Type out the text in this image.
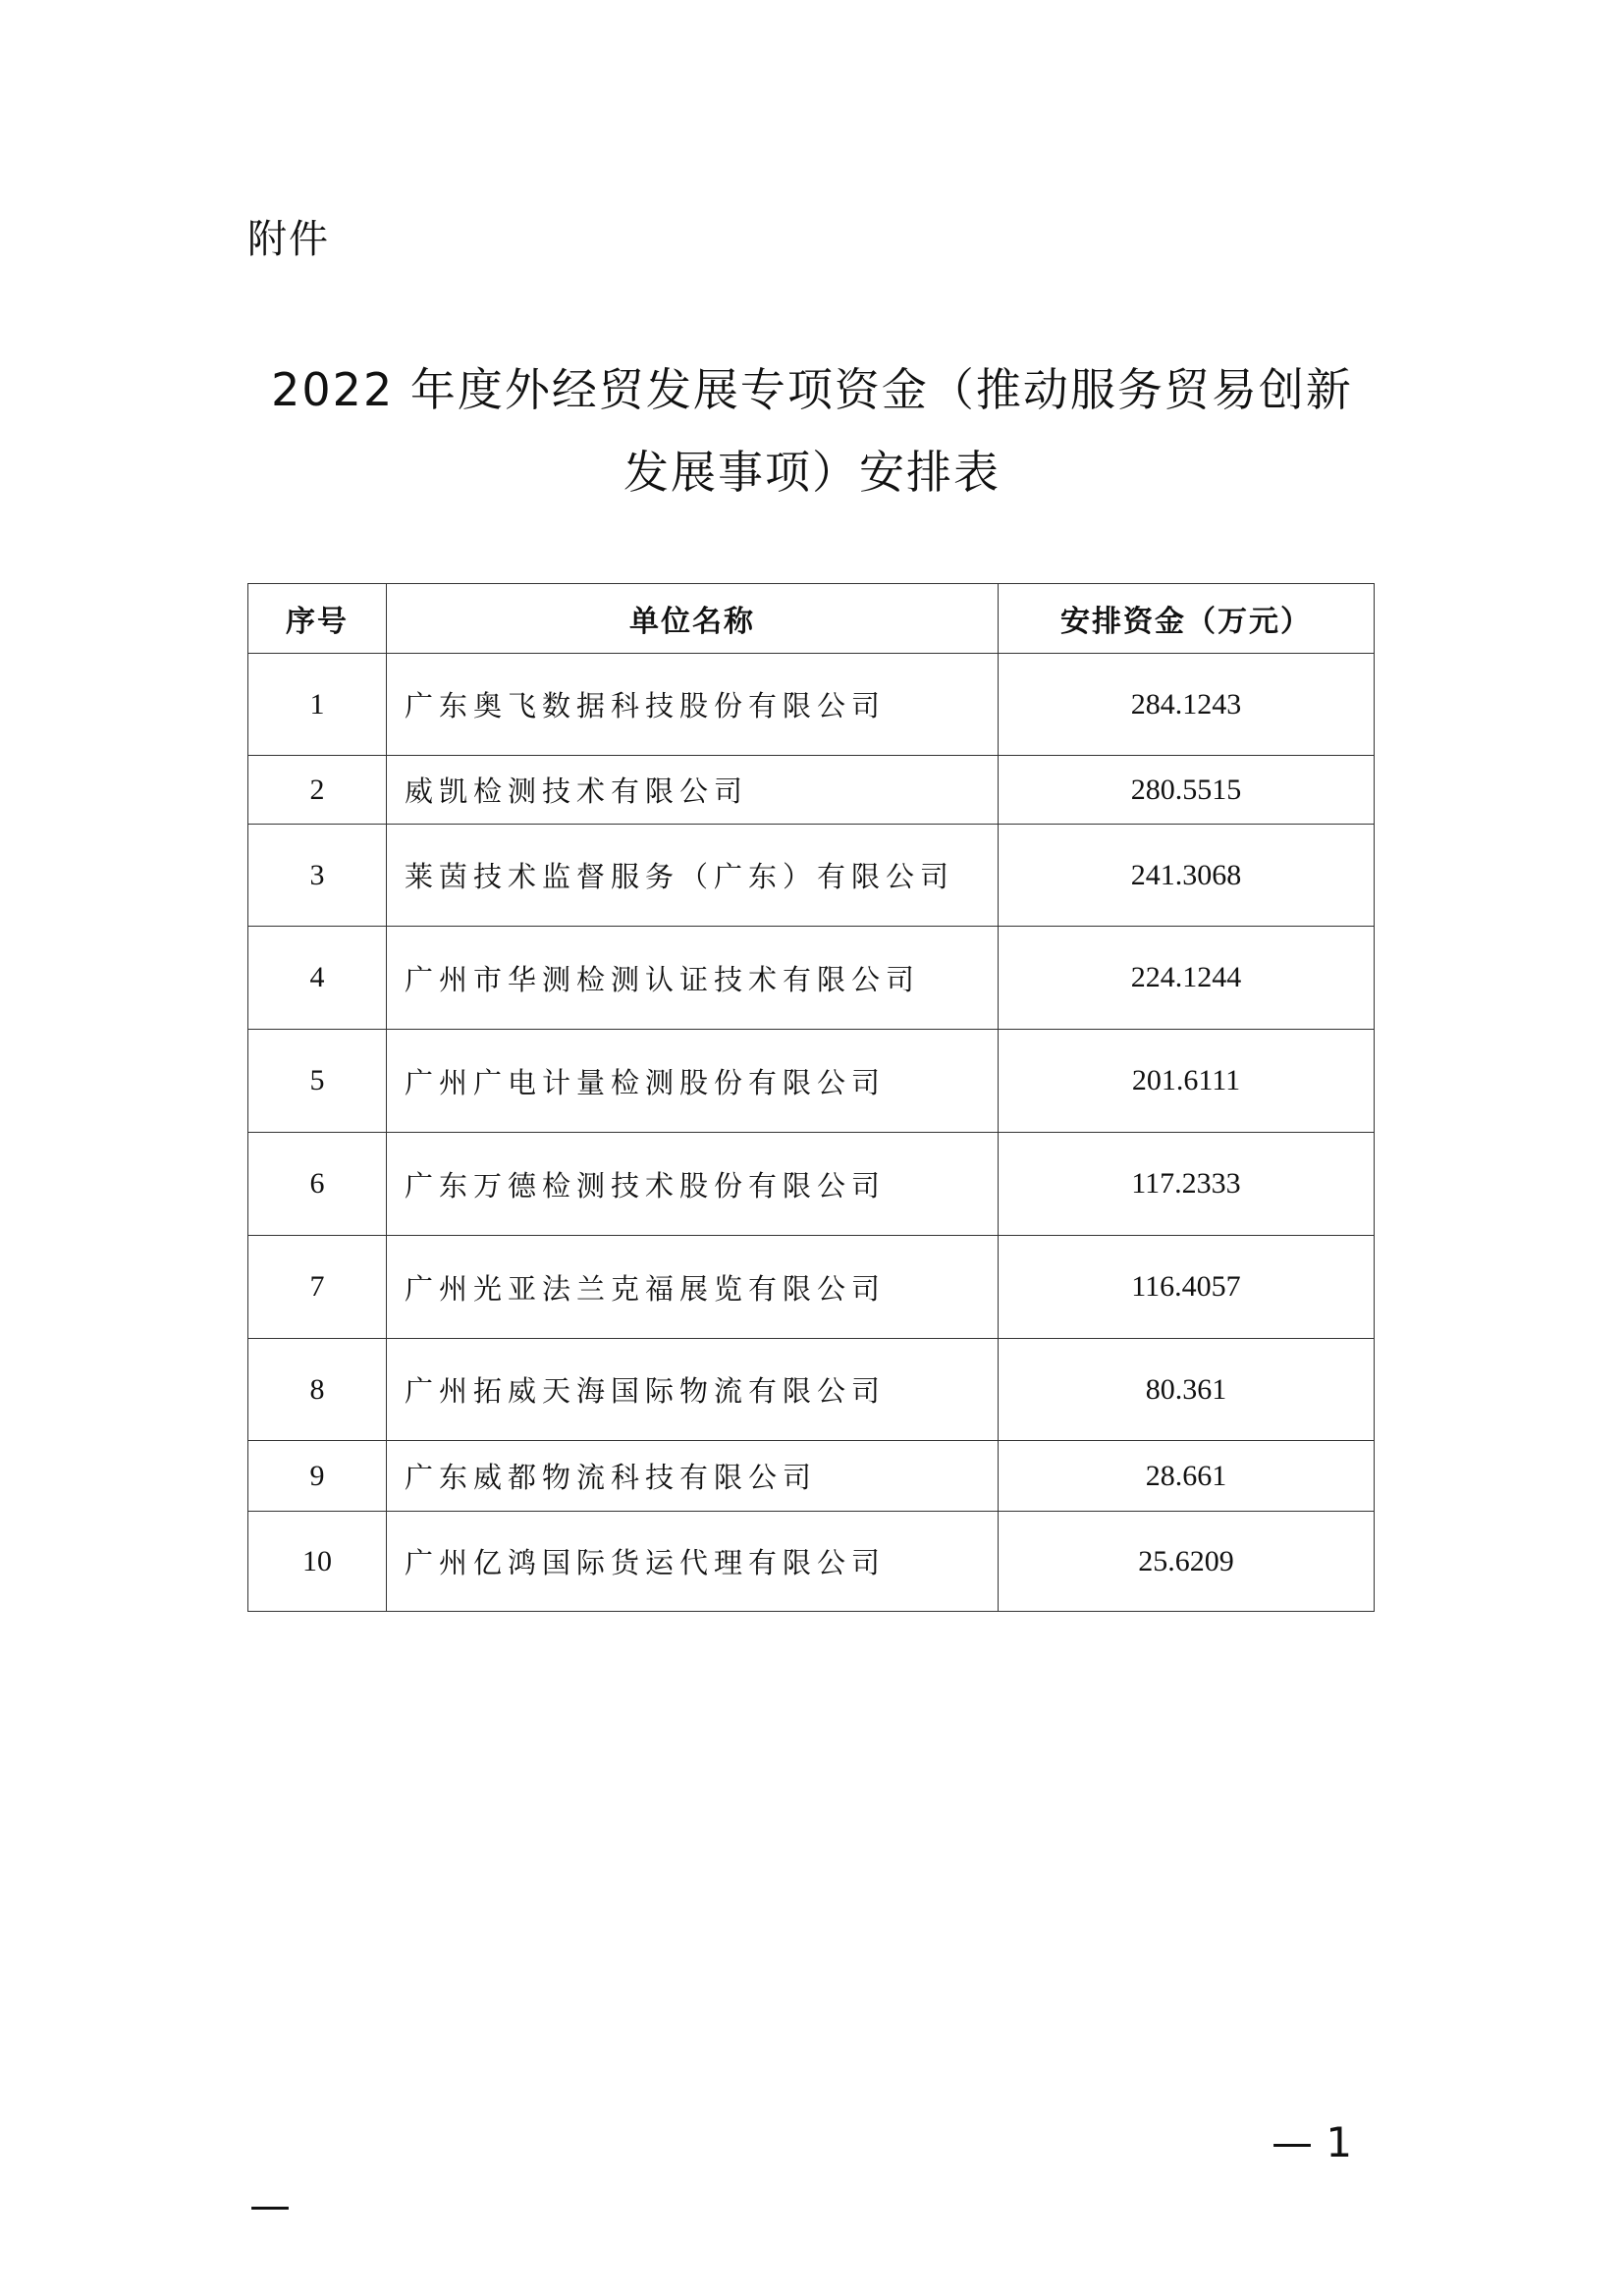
附件
2022 年度外经贸发展专项资金（推动服务贸易创新
发展事项）安排表
序号	单位名称	安排资金（万元）
1	广东奥飞数据科技股份有限公司	284.1243
2	威凯检测技术有限公司	280.5515
3	莱茵技术监督服务（广东）有限公司	241.3068
4	广州市华测检测认证技术有限公司	224.1244
5	广州广电计量检测股份有限公司	201.6111
6	广东万德检测技术股份有限公司	117.2333
7	广州光亚法兰克福展览有限公司	116.4057
8	广州拓威天海国际物流有限公司	80.361
9	广东威都物流科技有限公司	28.661
10	广州亿鸿国际货运代理有限公司	25.6209
— 1
—
